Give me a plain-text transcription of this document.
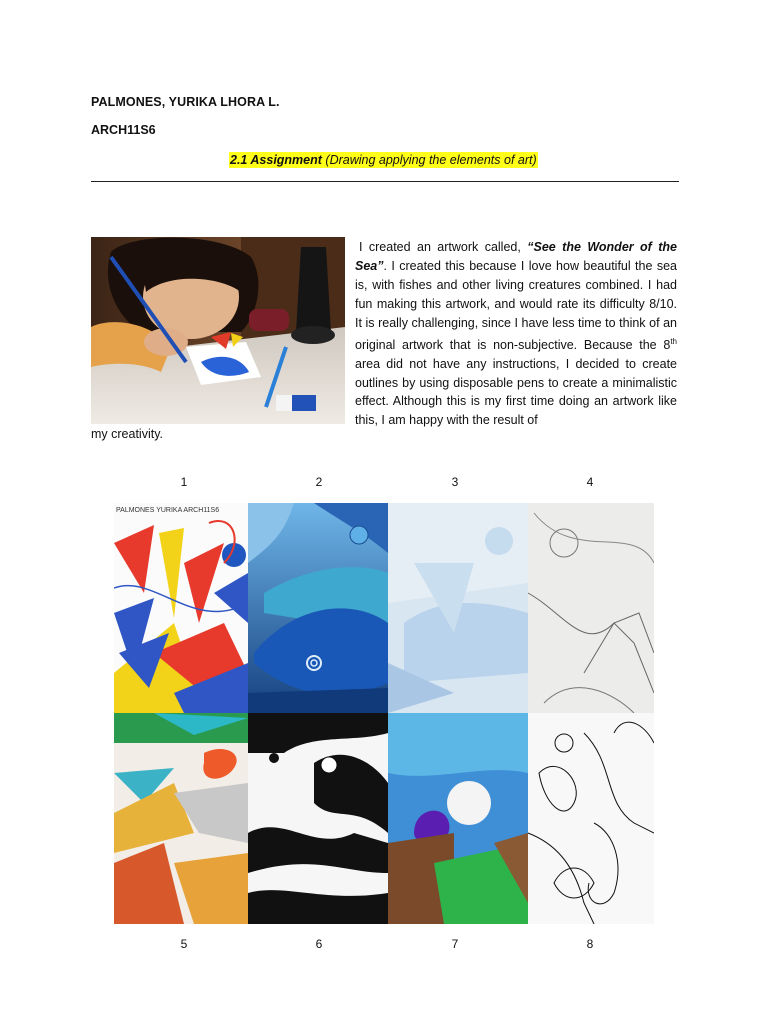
PALMONES, YURIKA LHORA L.
ARCH11S6
2.1 Assignment (Drawing applying the elements of art)
I created an artwork called, “See the Wonder of the Sea”. I created this because I love how beautiful the sea is, with fishes and other living creatures combined. I had fun making this artwork, and would rate its difficulty 8/10. It is really challenging, since I have less time to think of an original artwork that is non-subjective. Because the 8th area did not have any instructions, I decided to create outlines by using disposable pens to create a minimalistic effect. Although this is my first time doing an artwork like this, I am happy with the result of
my creativity.
1	2	3	4
PALMONES YURIKA ARCH11S6
5	6	7	8
